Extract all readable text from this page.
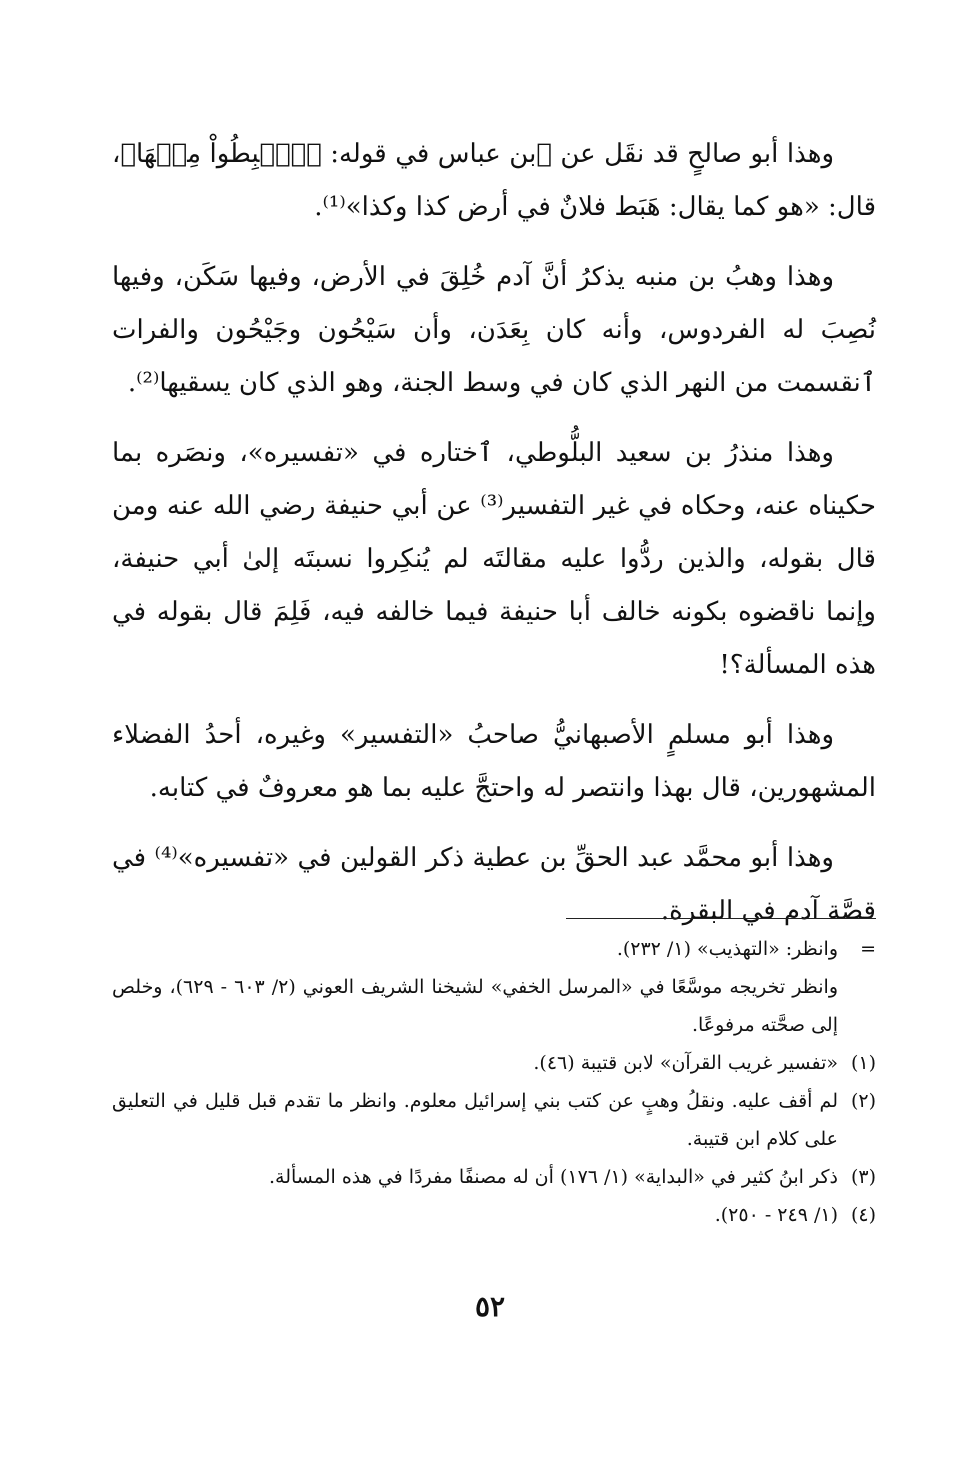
وهذا أبو صالحٍ قد نقَل عن ٱبن عباس في قوله: ﴿ٱهۡبِطُواْ مِنۡهَا﴾، قال: «هو كما يقال: هَبَط فلانٌ في أرض كذا وكذا»⁽¹⁾.

وهذا وهبُ بن منبه يذكرُ أنَّ آدم خُلِقَ في الأرض، وفيها سَكَن، وفيها نُصِبَ له الفردوس، وأنه كان بِعَدَن، وأن سَيْحُون وجَيْحُون والفرات ٱنقسمت من النهر الذي كان في وسط الجنة، وهو الذي كان يسقيها⁽²⁾.

وهذا منذرُ بن سعيد البلُّوطي، ٱختاره في «تفسيره»، ونصَره بما حكيناه عنه، وحكاه في غير التفسير⁽³⁾ عن أبي حنيفة رضي الله عنه ومن قال بقوله، والذين ردُّوا عليه مقالتَه لم يُنكِروا نسبتَه إلىٰ أبي حنيفة، وإنما ناقضوه بكونه خالف أبا حنيفة فيما خالفه فيه، فَلِمَ قال بقوله في هذه المسألة؟!

وهذا أبو مسلمٍ الأصبهانيُّ صاحبُ «التفسير» وغيره، أحدُ الفضلاء المشهورين، قال بهذا وانتصر له واحتجَّ عليه بما هو معروفٌ في كتابه.

وهذا أبو محمَّد عبد الحقِّ بن عطية ذكر القولين في «تفسيره»⁽⁴⁾ في قصَّة آدم في البقرة.

=
وانظر: «التهذيب» (١/ ٢٣٢).

وانظر تخريجه موسَّعًا في «المرسل الخفي» لشيخنا الشريف العوني (٢/ ٦٠٣ - ٦٢٩)، وخلص إلى صحَّته مرفوعًا.

(١)
«تفسير غريب القرآن» لابن قتيبة (٤٦).
(٢)
لم أقف عليه. ونقلُ وهبٍ عن كتب بني إسرائيل معلوم. وانظر ما تقدم قبل قليل في التعليق على كلام ابن قتيبة.
(٣)
ذكر ابنُ كثير في «البداية» (١/ ١٧٦) أن له مصنفًا مفردًا في هذه المسألة.
(٤)
(١/ ٢٤٩ - ٢٥٠).
٥٢
